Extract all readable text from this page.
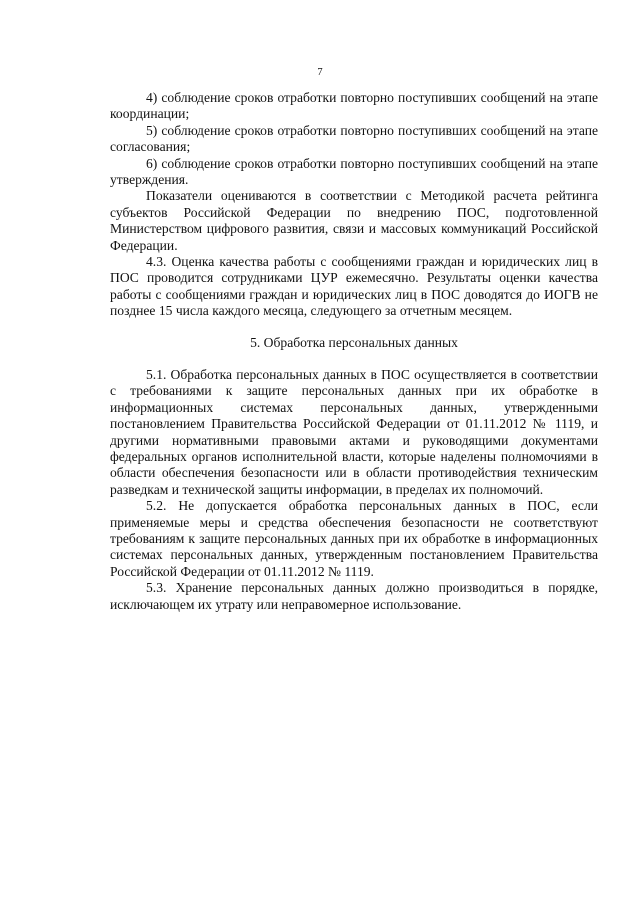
7

4) соблюдение сроков отработки повторно поступивших сообщений на этапе координации;

5) соблюдение сроков отработки повторно поступивших сообщений на этапе согласования;

6) соблюдение сроков отработки повторно поступивших сообщений на этапе утверждения.

Показатели оцениваются в соответствии с Методикой расчета рейтинга субъектов Российской Федерации по внедрению ПОС, подготовленной Министерством цифрового развития, связи и массовых коммуникаций Российской Федерации.

4.3. Оценка качества работы с сообщениями граждан и юридических лиц в ПОС проводится сотрудниками ЦУР ежемесячно. Результаты оценки качества работы с сообщениями граждан и юридических лиц в ПОС доводятся до ИОГВ не позднее 15 числа каждого месяца, следующего за отчетным месяцем.

5. Обработка персональных данных

5.1. Обработка персональных данных в ПОС осуществляется в соответствии с требованиями к защите персональных данных при их обработке в информационных системах персональных данных, утвержденными постановлением Правительства Российской Федерации от 01.11.2012 № 1119, и другими нормативными правовыми актами и руководящими документами федеральных органов исполнительной власти, которые наделены полномочиями в области обеспечения безопасности или в области противодействия техническим разведкам и технической защиты информации, в пределах их полномочий.

5.2. Не допускается обработка персональных данных в ПОС, если применяемые меры и средства обеспечения безопасности не соответствуют требованиям к защите персональных данных при их обработке в информационных системах персональных данных, утвержденным постановлением Правительства Российской Федерации от 01.11.2012 № 1119.

5.3. Хранение персональных данных должно производиться в порядке, исключающем их утрату или неправомерное использование.
